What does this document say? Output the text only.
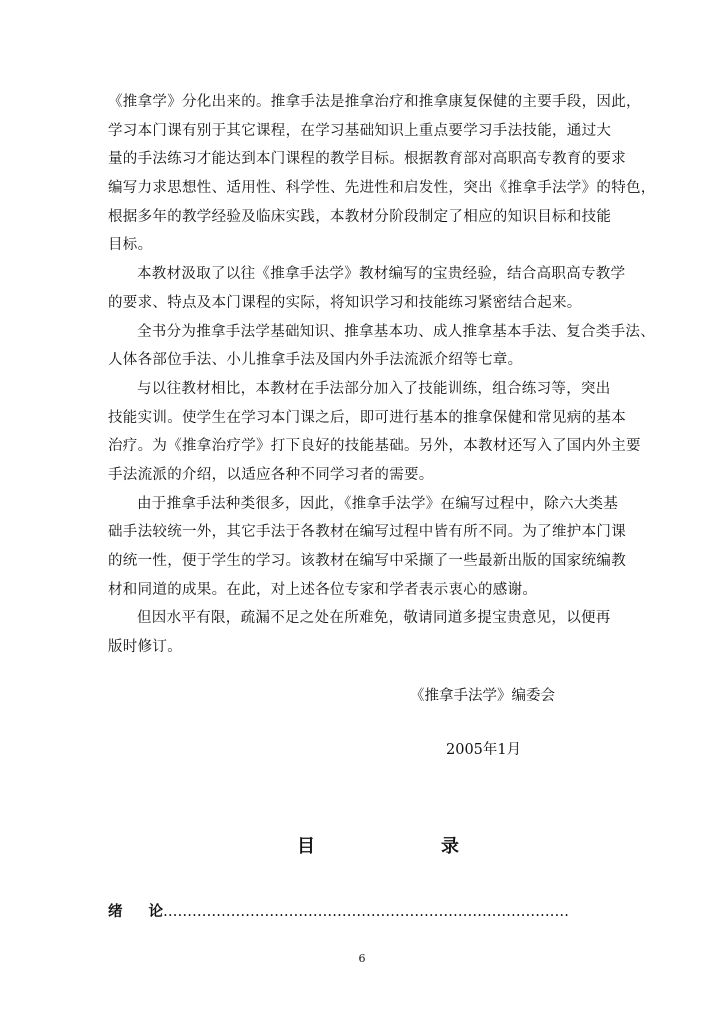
《推拿学》分化出来的。推拿手法是推拿治疗和推拿康复保健的主要手段，因此，
学习本门课有别于其它课程，在学习基础知识上重点要学习手法技能，通过大
量的手法练习才能达到本门课程的教学目标。根据教育部对高职高专教育的要求
编写力求思想性、适用性、科学性、先进性和启发性，突出《推拿手法学》的特色，
根据多年的教学经验及临床实践，本教材分阶段制定了相应的知识目标和技能
目标。
本教材汲取了以往《推拿手法学》教材编写的宝贵经验，结合高职高专教学
的要求、特点及本门课程的实际，将知识学习和技能练习紧密结合起来。
全书分为推拿手法学基础知识、推拿基本功、成人推拿基本手法、复合类手法、
人体各部位手法、小儿推拿手法及国内外手法流派介绍等七章。
与以往教材相比，本教材在手法部分加入了技能训练，组合练习等，突出
技能实训。使学生在学习本门课之后，即可进行基本的推拿保健和常见病的基本
治疗。为《推拿治疗学》打下良好的技能基础。另外，本教材还写入了国内外主要
手法流派的介绍，以适应各种不同学习者的需要。
由于推拿手法种类很多，因此，《推拿手法学》在编写过程中，除六大类基
础手法较统一外，其它手法于各教材在编写过程中皆有所不同。为了维护本门课
的统一性，便于学生的学习。该教材在编写中采撷了一些最新出版的国家统编教
材和同道的成果。在此，对上述各位专家和学者表示衷心的感谢。
但因水平有限，疏漏不足之处在所难免，敬请同道多提宝贵意见，以便再
版时修订。
《推拿手法学》编委会
2005年1月
目	录
绪论…………………………………………………………………………
6
